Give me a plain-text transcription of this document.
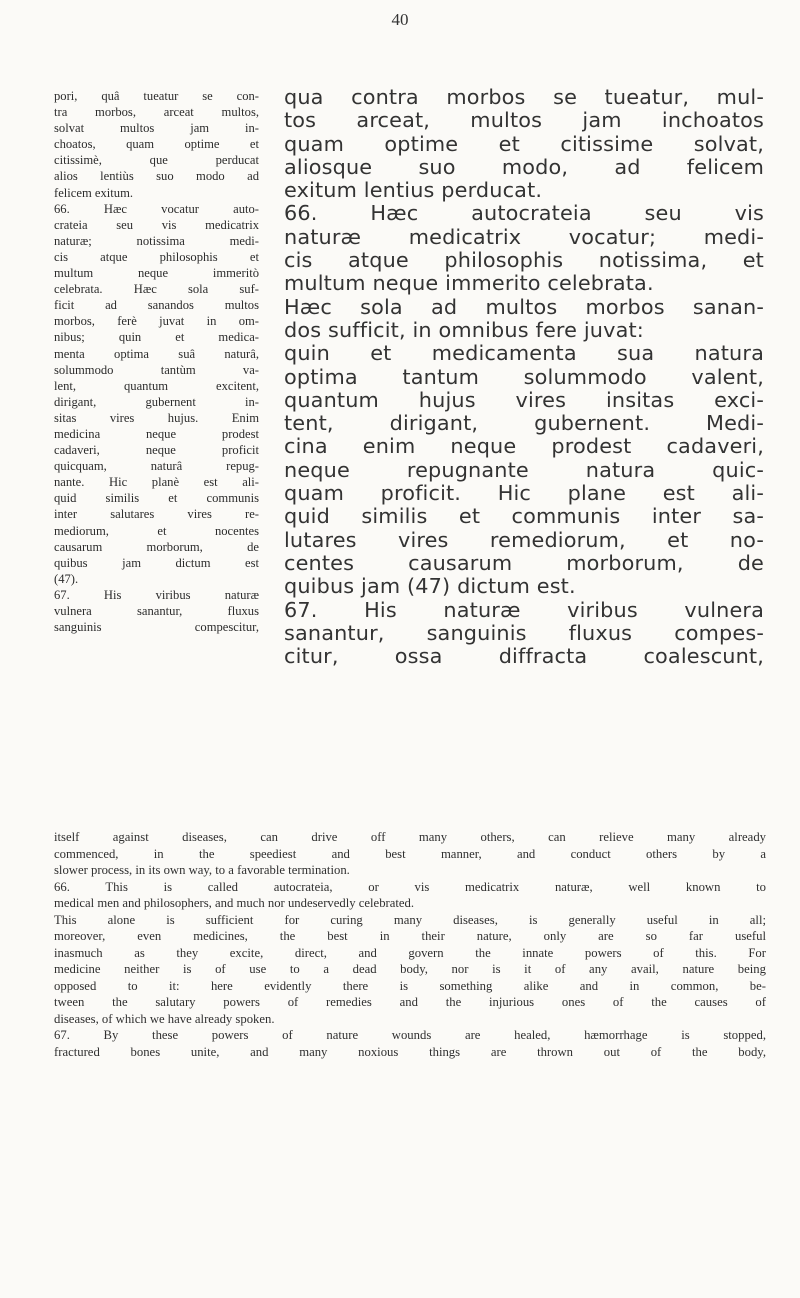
40
pori, quâ tueatur se con-
tra morbos, arceat multos,
solvat multos jam in-
choatos, quam optime et
citissimè, que perducat
alios lentiùs suo modo ad
felicem exitum.
66. Hæc vocatur auto-
crateia seu vis medicatrix
naturæ; notissima medi-
cis atque philosophis et
multum neque immeritò
celebrata. Hæc sola suf-
ficit ad sanandos multos
morbos, ferè juvat in om-
nibus; quin et medica-
menta optima suâ naturâ,
solummodo tantùm va-
lent, quantum excitent,
dirigant, gubernent in-
sitas vires hujus. Enim
medicina neque prodest
cadaveri, neque proficit
quicquam, naturâ repug-
nante. Hic planè est ali-
quid similis et communis
inter salutares vires re-
mediorum, et nocentes
causarum morborum, de
quibus jam dictum est
(47).
67. His viribus naturæ
vulnera sanantur, fluxus
sanguinis compescitur,
qua contra morbos se tueatur, mul-
tos arceat, multos jam inchoatos
quam optime et citissime solvat,
aliosque suo modo, ad felicem
exitum lentius perducat.
66. Hæc autocrateia seu vis
naturæ medicatrix vocatur; medi-
cis atque philosophis notissima, et
multum neque immerito celebrata.
Hæc sola ad multos morbos sanan-
dos sufficit, in omnibus fere juvat:
quin et medicamenta sua natura
optima tantum solummodo valent,
quantum hujus vires insitas exci-
tent, dirigant, gubernent. Medi-
cina enim neque prodest cadaveri,
neque repugnante natura quic-
quam proficit. Hic plane est ali-
quid similis et communis inter sa-
lutares vires remediorum, et no-
centes causarum morborum, de
quibus jam (47) dictum est.
67. His naturæ viribus vulnera
sanantur, sanguinis fluxus compes-
citur, ossa diffracta coalescunt,
itself against diseases, can drive off many others, can relieve many already
commenced, in the speediest and best manner, and conduct others by a
slower process, in its own way, to a favorable termination.
66. This is called autocrateia, or vis medicatrix naturæ, well known to
medical men and philosophers, and much nor undeservedly celebrated.
This alone is sufficient for curing many diseases, is generally useful in all;
moreover, even medicines, the best in their nature, only are so far useful
inasmuch as they excite, direct, and govern the innate powers of this. For
medicine neither is of use to a dead body, nor is it of any avail, nature being
opposed to it: here evidently there is something alike and in common, be-
tween the salutary powers of remedies and the injurious ones of the causes of
diseases, of which we have already spoken.
67. By these powers of nature wounds are healed, hæmorrhage is stopped,
fractured bones unite, and many noxious things are thrown out of the body,
